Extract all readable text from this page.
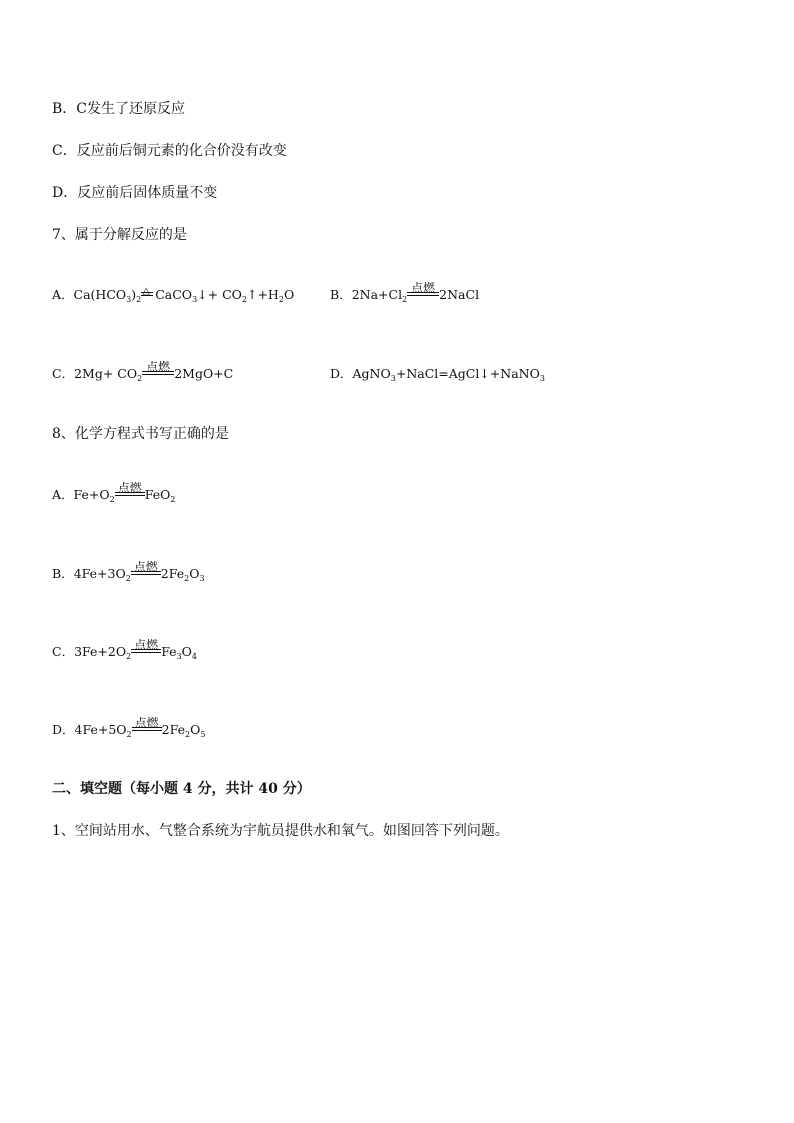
B．C发生了还原反应
C．反应前后铜元素的化合价没有改变
D．反应前后固体质量不变
7、属于分解反应的是
A．$Ca(HCO_3)_2$
△ CaCO$_3$↓+ $CO_2↑+H_2O$	B．$2Na+Cl_2$
点燃 2NaCl
C．$2Mg+ CO_2$
点燃 2MgO+C	D．AgNO$_3$+NaCl=AgCl↓+NaNO$_3$
8、化学方程式书写正确的是
A．$Fe+O_2$
点燃 FeO$_2$
B．$4Fe+3O_2$
点燃 $2Fe_2O_3$
C．$3Fe+2O_2$
点燃 $Fe_3O_4$
D．$4Fe+5O_2$
点燃 $2Fe_2O_5$
二、填空题（每小题 4 分，共计 40 分）
1、空间站用水、气整合系统为宇航员提供水和氧气。如图回答下列问题。
